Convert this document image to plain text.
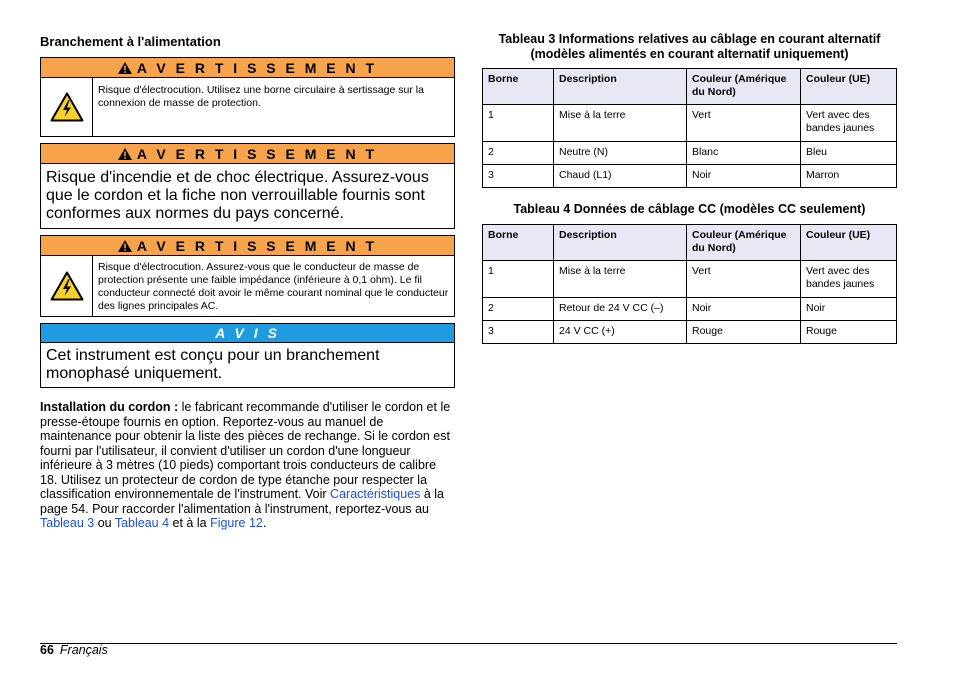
Branchement à l'alimentation
A V E R T I S S E M E N T
Risque d'électrocution. Utilisez une borne circulaire à sertissage sur la connexion de masse de protection.
A V E R T I S S E M E N T
Risque d'incendie et de choc électrique. Assurez-vous que le cordon et la fiche non verrouillable fournis sont conformes aux normes du pays concerné.
A V E R T I S S E M E N T
Risque d'électrocution. Assurez-vous que le conducteur de masse de protection présente une faible impédance (inférieure à 0,1 ohm). Le fil conducteur connecté doit avoir le même courant nominal que le conducteur des lignes principales AC.
A V I S
Cet instrument est conçu pour un branchement monophasé uniquement.
Installation du cordon : le fabricant recommande d'utiliser le cordon et le presse-étoupe fournis en option. Reportez-vous au manuel de maintenance pour obtenir la liste des pièces de rechange. Si le cordon est fourni par l'utilisateur, il convient d'utiliser un cordon d'une longueur inférieure à 3 mètres (10 pieds) comportant trois conducteurs de calibre 18. Utilisez un protecteur de cordon de type étanche pour respecter la classification environnementale de l'instrument. Voir Caractéristiques à la page 54. Pour raccorder l'alimentation à l'instrument, reportez-vous au Tableau 3 ou Tableau 4 et à la Figure 12.
Tableau 3 Informations relatives au câblage en courant alternatif
(modèles alimentés en courant alternatif uniquement)
Borne	Description	Couleur (Amérique du Nord)	Couleur (UE)
1	Mise à la terre	Vert	Vert avec des bandes jaunes
2	Neutre (N)	Blanc	Bleu
3	Chaud (L1)	Noir	Marron
Tableau 4 Données de câblage CC (modèles CC seulement)
Borne	Description	Couleur (Amérique du Nord)	Couleur (UE)
1	Mise à la terre	Vert	Vert avec des bandes jaunes
2	Retour de 24 V CC (–)	Noir	Noir
3	24 V CC (+)	Rouge	Rouge
66 Français
